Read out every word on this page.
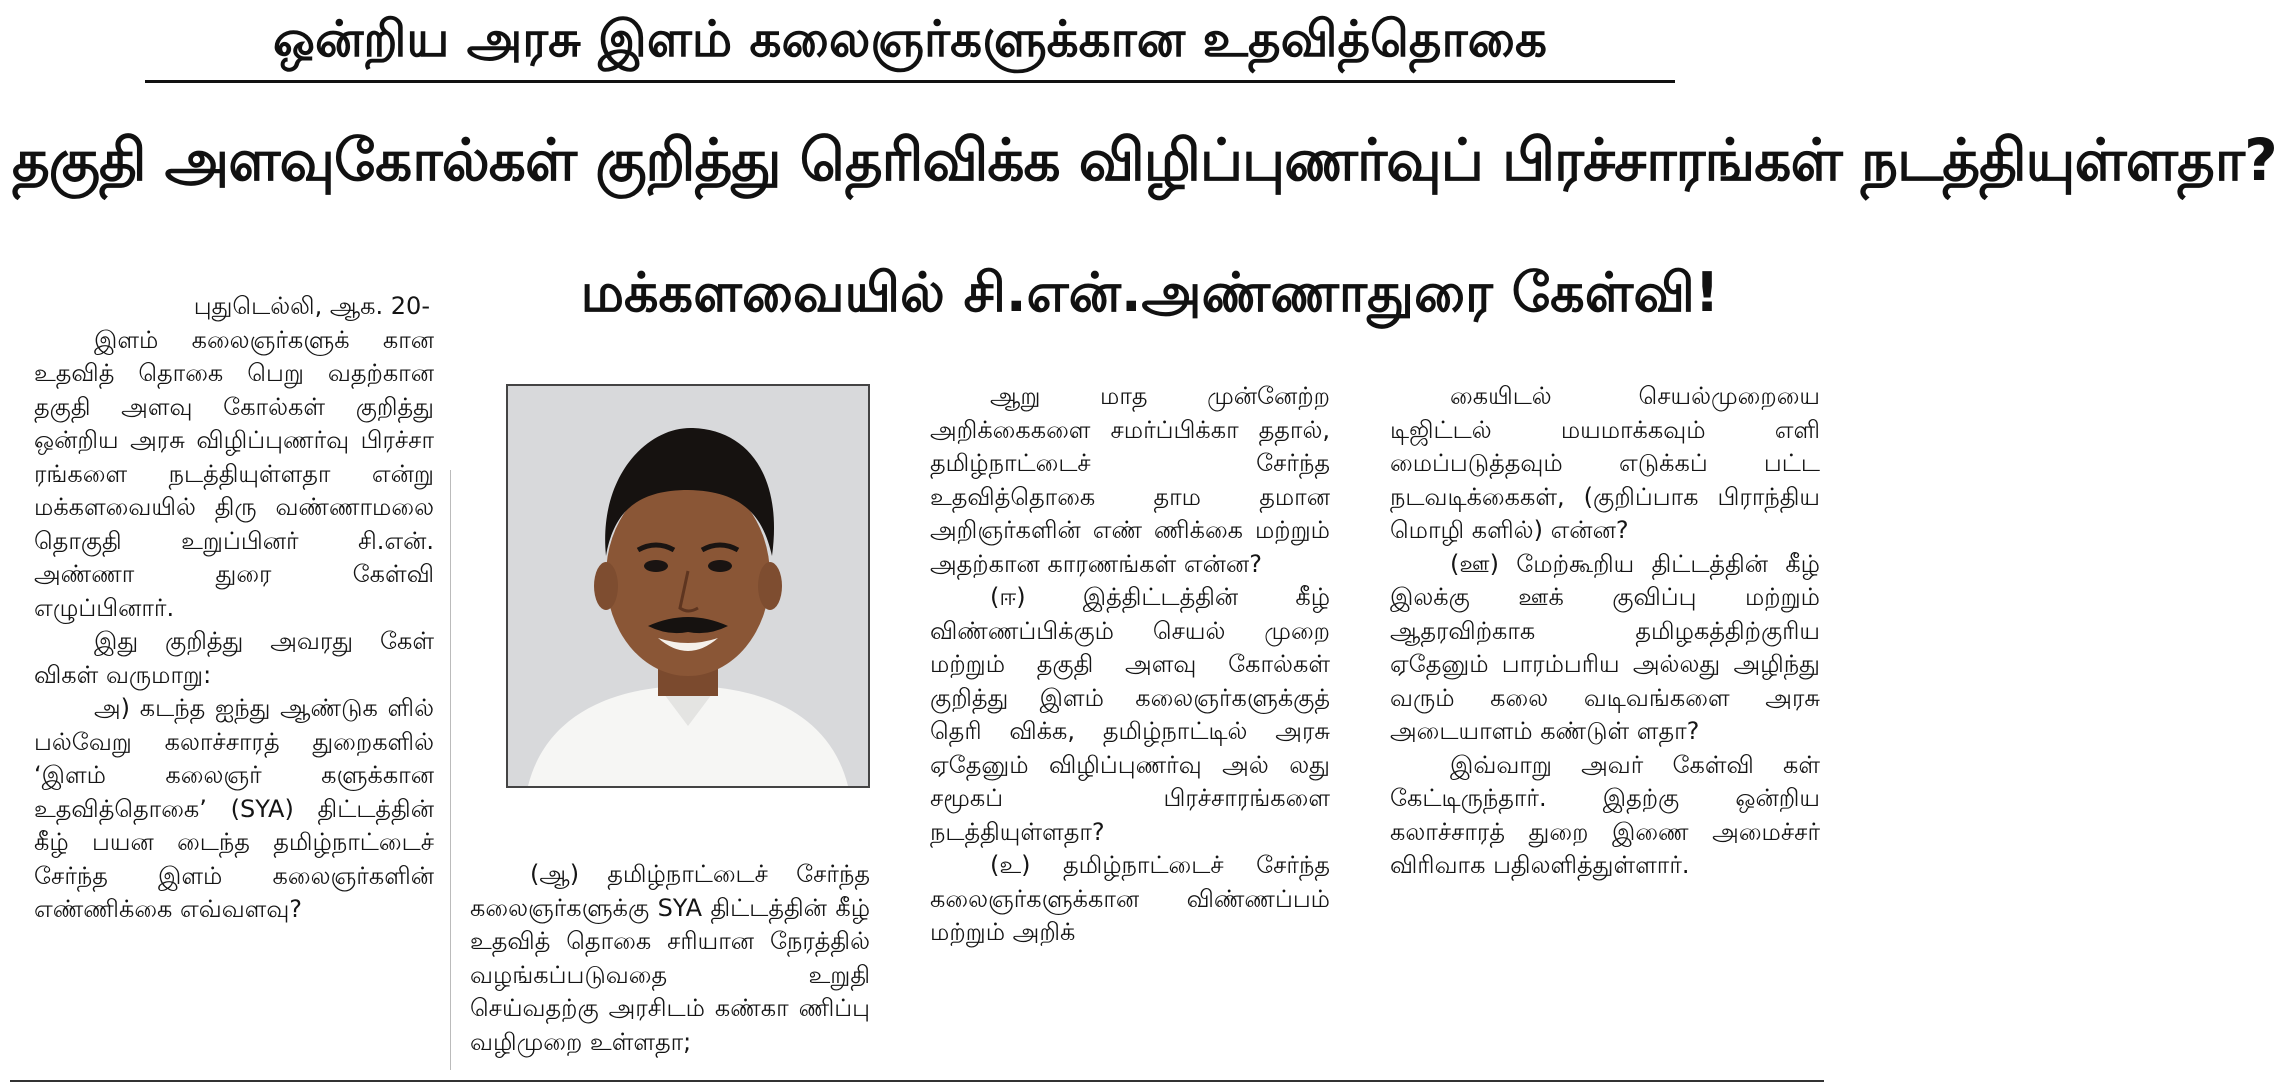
ஒன்றிய அரசு இளம் கலைஞர்களுக்கான உதவித்தொகை
தகுதி அளவுகோல்கள் குறித்து தெரிவிக்க விழிப்புணர்வுப் பிரச்சாரங்கள் நடத்தியுள்ளதா?
மக்களவையில் சி.என்.அண்ணாதுரை கேள்வி!

புதுடெல்லி, ஆக. 20-

இளம் கலைஞர்களுக் கான உதவித் தொகை பெறு வதற்கான தகுதி அளவு கோல்கள் குறித்து ஒன்றிய அரசு விழிப்புணர்வு பிரச்சா ரங்களை நடத்தியுள்ளதா என்று மக்களவையில் திரு வண்ணாமலை தொகுதி உறுப்பினர் சி.என். அண்ணா துரை கேள்வி எழுப்பினார்.

இது குறித்து அவரது கேள் விகள் வருமாறு:

அ) கடந்த ஐந்து ஆண்டுக ளில் பல்வேறு கலாச்சாரத் துறைகளில் ‘இளம் கலைஞர் களுக்கான உதவித்தொகை’ (SYA) திட்டத்தின் கீழ் பயன டைந்த தமிழ்நாட்டைச் சேர்ந்த இளம் கலைஞர்களின் எண்ணிக்கை எவ்வளவு?

(ஆ) தமிழ்நாட்டைச் சேர்ந்த கலைஞர்களுக்கு SYA திட்டத்தின் கீழ் உதவித் தொகை சரியான நேரத்தில் வழங்கப்படுவதை உறுதி செய்வதற்கு அரசிடம் கண்கா ணிப்பு வழிமுறை உள்ளதா;

ஆறு மாத முன்னேற்ற அறிக்கைகளை சமர்ப்பிக்கா ததால், தமிழ்நாட்டைச் சேர்ந்த உதவித்தொகை தாம தமான அறிஞர்களின் எண் ணிக்கை மற்றும் அதற்கான காரணங்கள் என்ன?

(ஈ) இத்திட்டத்தின் கீழ் விண்ணப்பிக்கும் செயல் முறை மற்றும் தகுதி அளவு கோல்கள் குறித்து இளம் கலைஞர்களுக்குத் தெரி விக்க, தமிழ்நாட்டில் அரசு ஏதேனும் விழிப்புணர்வு அல் லது சமூகப் பிரச்சாரங்களை நடத்தியுள்ளதா?

(உ) தமிழ்நாட்டைச் சேர்ந்த கலைஞர்களுக்கான விண்ணப்பம் மற்றும் அறிக்

கையிடல் செயல்முறையை டிஜிட்டல் மயமாக்கவும் எளி மைப்படுத்தவும் எடுக்கப் பட்ட நடவடிக்கைகள், (குறிப்பாக பிராந்திய மொழி களில்) என்ன?

(ஊ) மேற்கூறிய திட்டத்தின் கீழ் இலக்கு ஊக் குவிப்பு மற்றும் ஆதரவிற்காக தமிழகத்திற்குரிய ஏதேனும் பாரம்பரிய அல்லது அழிந்து வரும் கலை வடிவங்களை அரசு அடையாளம் கண்டுள் ளதா?

இவ்வாறு அவர் கேள்வி கள் கேட்டிருந்தார். இதற்கு ஒன்றிய கலாச்சாரத் துறை இணை அமைச்சர் விரிவாக பதிலளித்துள்ளார்.
